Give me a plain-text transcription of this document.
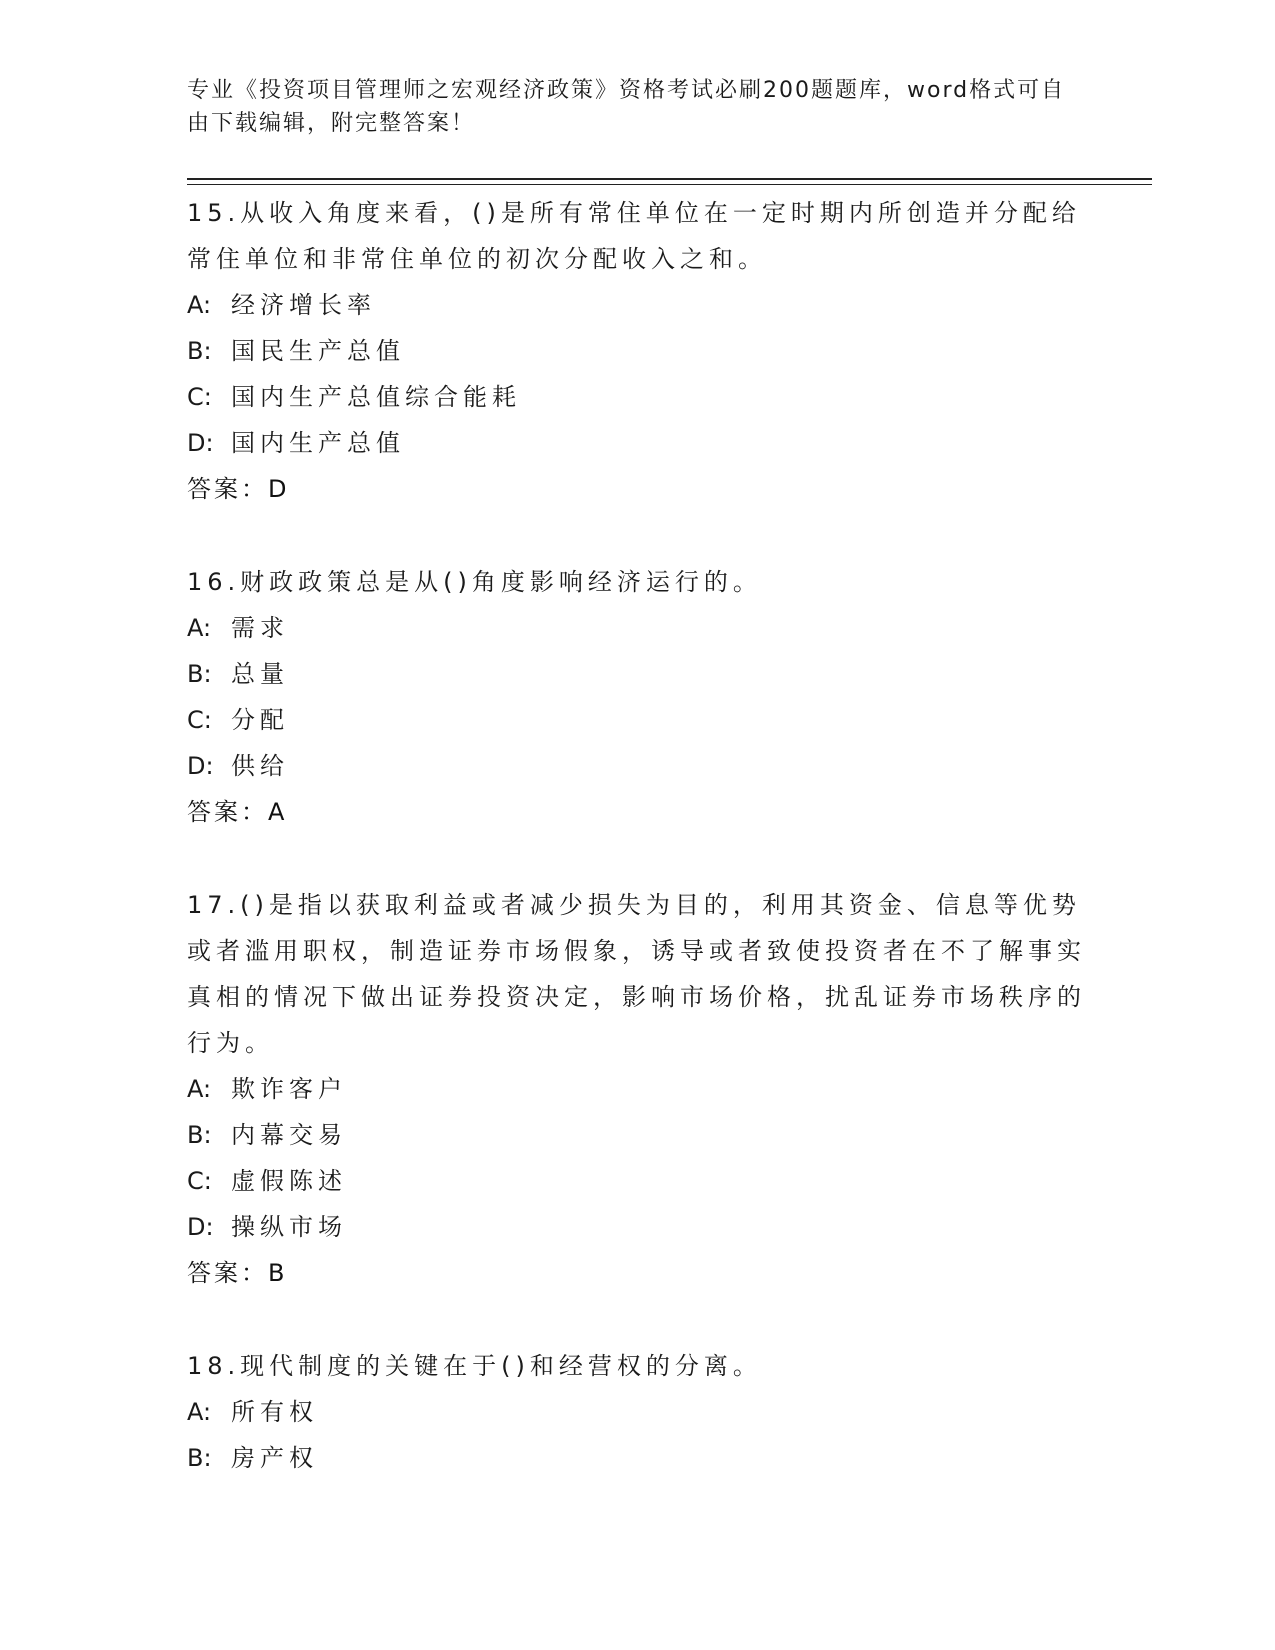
专业《投资项目管理师之宏观经济政策》资格考试必刷200题题库，word格式可自由下载编辑，附完整答案！
15.从收入角度来看，()是所有常住单位在一定时期内所创造并分配给常住单位和非常住单位的初次分配收入之和。
A: 经济增长率
B: 国民生产总值
C: 国内生产总值综合能耗
D: 国内生产总值
答案：D
16.财政政策总是从()角度影响经济运行的。
A: 需求
B: 总量
C: 分配
D: 供给
答案：A
17.()是指以获取利益或者减少损失为目的，利用其资金、信息等优势或者滥用职权，制造证券市场假象，诱导或者致使投资者在不了解事实真相的情况下做出证券投资决定，影响市场价格，扰乱证券市场秩序的行为。
A: 欺诈客户
B: 内幕交易
C: 虚假陈述
D: 操纵市场
答案：B
18.现代制度的关键在于()和经营权的分离。
A: 所有权
B: 房产权
